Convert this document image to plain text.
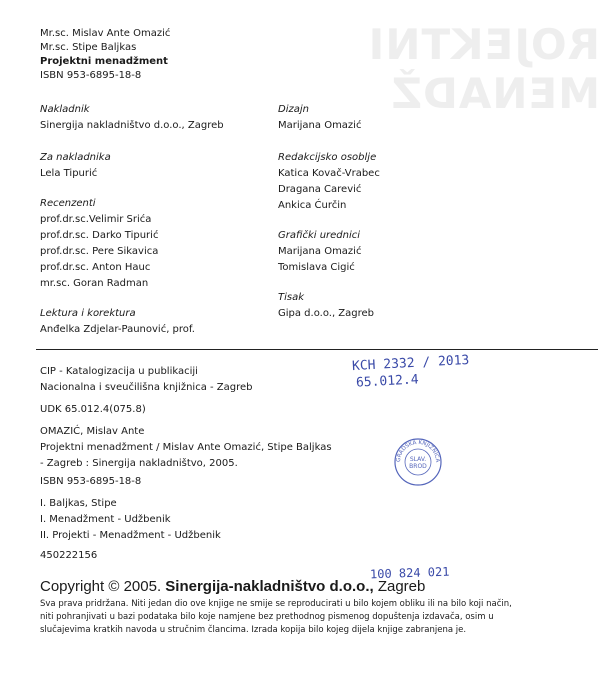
ROJEKTNI MENADŽ
Mr.sc. Mislav Ante Omazić
Mr.sc. Stipe Baljkas
Projektni menadžment
ISBN 953-6895-18-8
Nakladnik
Sinergija nakladništvo d.o.o., Zagreb
Za nakladnika
Lela Tipurić
Recenzenti
prof.dr.sc.Velimir Srića
prof.dr.sc. Darko Tipurić
prof.dr.sc. Pere Sikavica
prof.dr.sc. Anton Hauc
mr.sc. Goran Radman
Lektura i korektura
Anđelka Zdjelar-Paunović, prof.
Dizajn
Marijana Omazić
Redakcijsko osoblje
Katica Kovač-Vrabec
Dragana Carević
Ankica Ćurčin
Grafički urednici
Marijana Omazić
Tomislava Cigić
Tisak
Gipa d.o.o., Zagreb
CIP - Katalogizacija u publikaciji
Nacionalna i sveučilišna knjižnica - Zagreb
UDK 65.012.4(075.8)
OMAZIĆ, Mislav Ante
Projektni menadžment / Mislav Ante Omazić, Stipe Baljkas
- Zagreb : Sinergija nakladništvo, 2005.
ISBN 953-6895-18-8
I. Baljkas, Stipe
I. Menadžment - Udžbenik
II. Projekti - Menadžment - Udžbenik
450222156
KCH 2332 / 2013
65.012.4
100 824 021
GRADSKA KNJIŽNICA
SLAV.
BROD
Copyright © 2005. Sinergija-nakladništvo d.o.o., Zagreb
Sva prava pridržana. Niti jedan dio ove knjige ne smije se reproducirati u bilo kojem obliku ili na bilo koji način,
niti pohranjivati u bazi podataka bilo koje namjene bez prethodnog pismenog dopuštenja izdavača, osim u
slučajevima kratkih navoda u stručnim člancima. Izrada kopija bilo kojeg dijela knjige zabranjena je.
